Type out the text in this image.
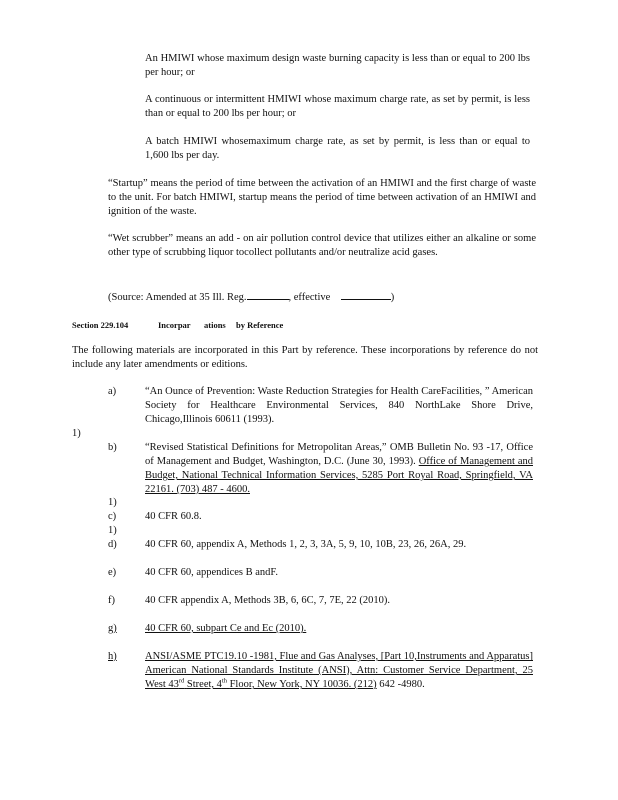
An HMIWI whose maximum design waste burning capacity is less than or equal to 200 lbs per hour; or

A continuous or intermittent HMIWI whose maximum charge rate, as set by permit, is less than or equal to 200 lbs per hour; or

A batch HMIWI whosemaximum charge rate, as set by permit, is less than or equal to 1,600 lbs per day.

“Startup” means the period of time between the activation of an HMIWI and the first charge of waste to the unit. For batch HMIWI, startup means the period of time between activation of an HMIWI and ignition of the waste.

“Wet scrubber” means an add - on air pollution control device that utilizes either an alkaline or some other type of scrubbing liquor tocollect pollutants and/or neutralize acid gases.

(Source: Amended at 35 Ill. Reg.	, effective	)

Section 229.104	Incorpar ations by Reference

The following materials are incorporated in this Part by reference. These incorporations by reference do not include any later amendments or editions.

a)	“An Ounce of Prevention: Waste Reduction Strategies for Health CareFacilities, ” American Society for Healthcare Environmental Services, 840 NorthLake Shore Drive, Chicago,Illinois 60611 (1993).

1)
b)	“Revised Statistical Definitions for Metropolitan Areas,” OMB Bulletin No. 93 -17, Office of Management and Budget, Washington, D.C. (June 30, 1993). Office of Management and Budget, National Technical Information Services, 5285 Port Royal Road, Springfield, VA 22161. (703) 487 - 4600.

1)
c)	40 CFR 60.8.

1)
d)	40 CFR 60, appendix A, Methods 1, 2, 3, 3A, 5, 9, 10, 10B, 23, 26, 26A, 29.

e)	40 CFR 60, appendices B andF.

f)	40 CFR appendix A, Methods 3B, 6, 6C, 7, 7E, 22 (2010).

g)	40 CFR 60, subpart Ce and Ec (2010).

h)	ANSI/ASME PTC19.10 -1981, Flue and Gas Analyses, [Part 10,Instruments and Apparatus] American National Standards Institute (ANSI), Attn: Customer Service Department, 25 West 43rd Street, 4th Floor, New York, NY 10036. (212) 642 -4980.
